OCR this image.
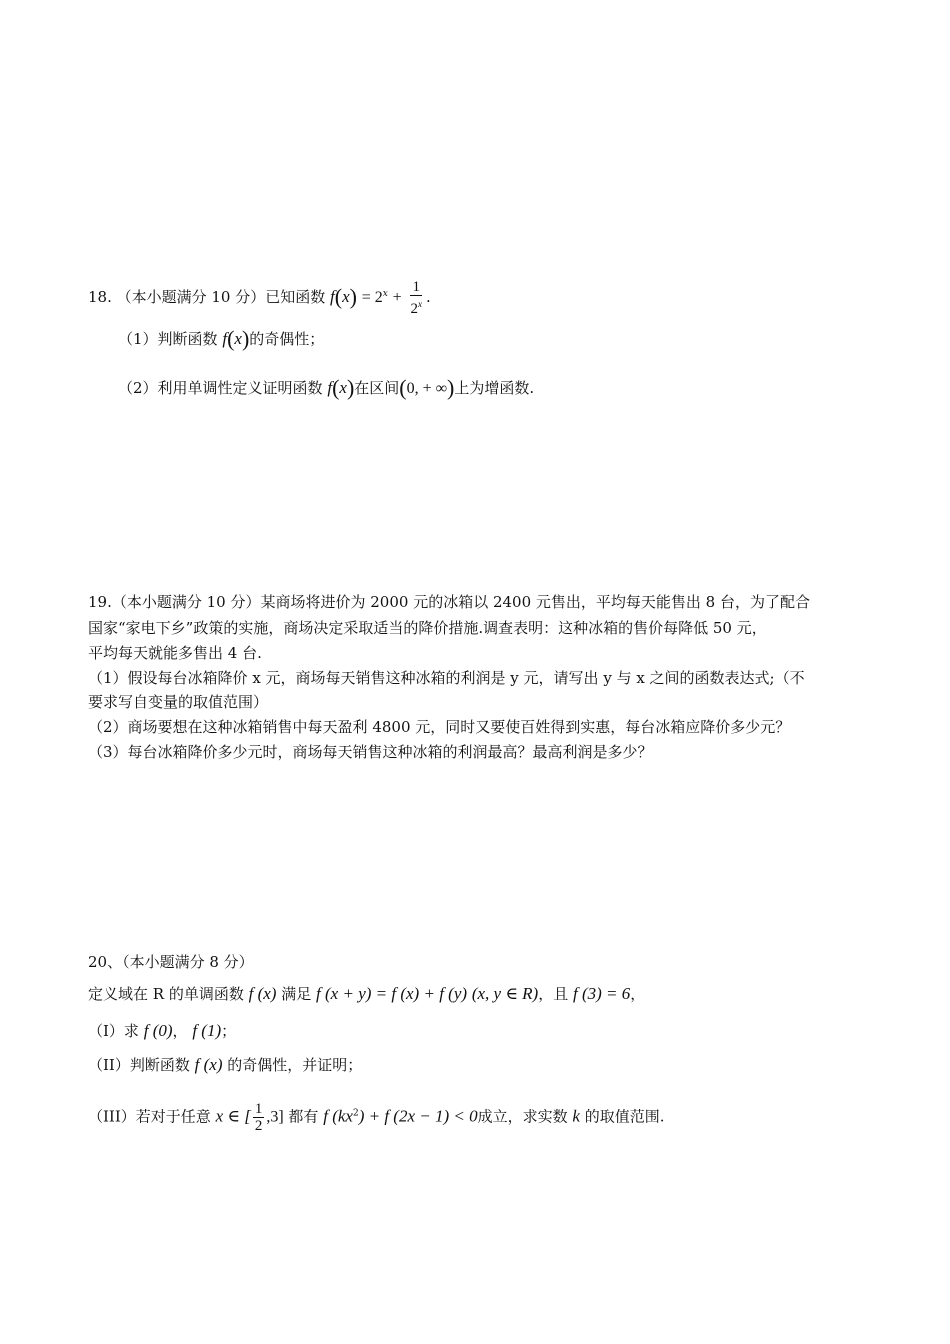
18. （本小题满分 10 分）已知函数 $f(x) = 2^x + \frac{1}{2^x}$ .
（1）判断函数 f(x)的奇偶性；
（2）利用单调性定义证明函数 f(x)在区间(0, + ∞)上为增函数.
19.（本小题满分 10 分）某商场将进价为 2000 元的冰箱以 2400 元售出，平均每天能售出 8 台，为了配合
国家“家电下乡”政策的实施，商场决定采取适当的降价措施.调查表明：这种冰箱的售价每降低 50 元，
平均每天就能多售出 4 台.
（1）假设每台冰箱降价 x 元，商场每天销售这种冰箱的利润是 y 元，请写出 y 与 x 之间的函数表达式;（不
要求写自变量的取值范围）
（2）商场要想在这种冰箱销售中每天盈利 4800 元，同时又要使百姓得到实惠，每台冰箱应降价多少元？
（3）每台冰箱降价多少元时，商场每天销售这种冰箱的利润最高？最高利润是多少？
20、（本小题满分 8 分）
定义域在 R 的单调函数 f (x) 满足 f (x + y) = f (x) + f (y) (x, y ∈ R)，且 f (3) = 6，
（I）求 f (0)， f (1)；
（II）判断函数 f (x) 的奇偶性，并证明；
（III）若对于任意 x ∈ [ $\frac{1}{2} ,3$] 都有 f $(kx^2) + f$ (2x − 1) < 0成立，求实数 k 的取值范围.
